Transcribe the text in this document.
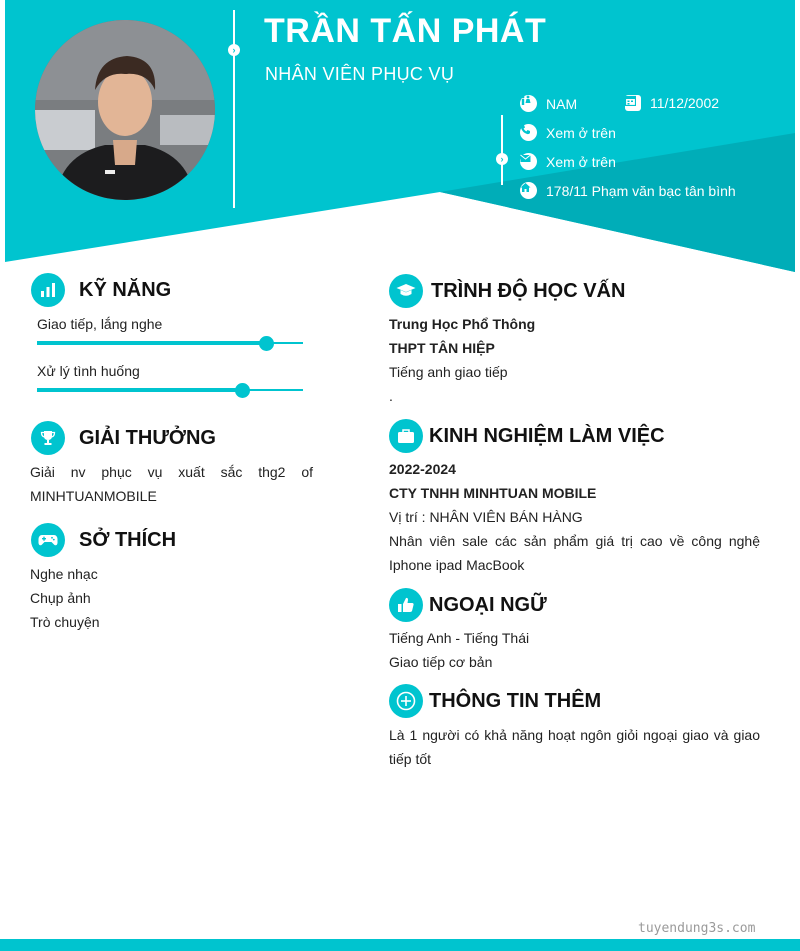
›
›
TRẦN TẤN PHÁT

NHÂN VIÊN PHỤC VỤ

NAM	11/12/2002
Xem ở trên
Xem ở trên
178/11 Phạm văn bạc tân bình
KỸ NĂNG
Giao tiếp, lắng nghe
Xử lý tình huống
GIẢI THƯỞNG
Giải nv phục vụ xuất sắc thg2 of MINHTUANMOBILE
SỞ THÍCH
Nghe nhạc
Chụp ảnh
Trò chuyện
TRÌNH ĐỘ HỌC VẤN
Trung Học Phổ Thông
THPT TÂN HIỆP
Tiếng anh giao tiếp
.
KINH NGHIỆM LÀM VIỆC
2022-2024
CTY TNHH MINHTUAN MOBILE
Vị trí : NHÂN VIÊN BÁN HÀNG
Nhân viên sale các sản phẩm giá trị cao về công nghệ Iphone ipad MacBook
NGOẠI NGỮ
Tiếng Anh - Tiếng Thái
Giao tiếp cơ bản
THÔNG TIN THÊM
Là 1 người có khả năng hoạt ngôn giỏi ngoại giao và giao tiếp tốt
tuyendung3s.com
